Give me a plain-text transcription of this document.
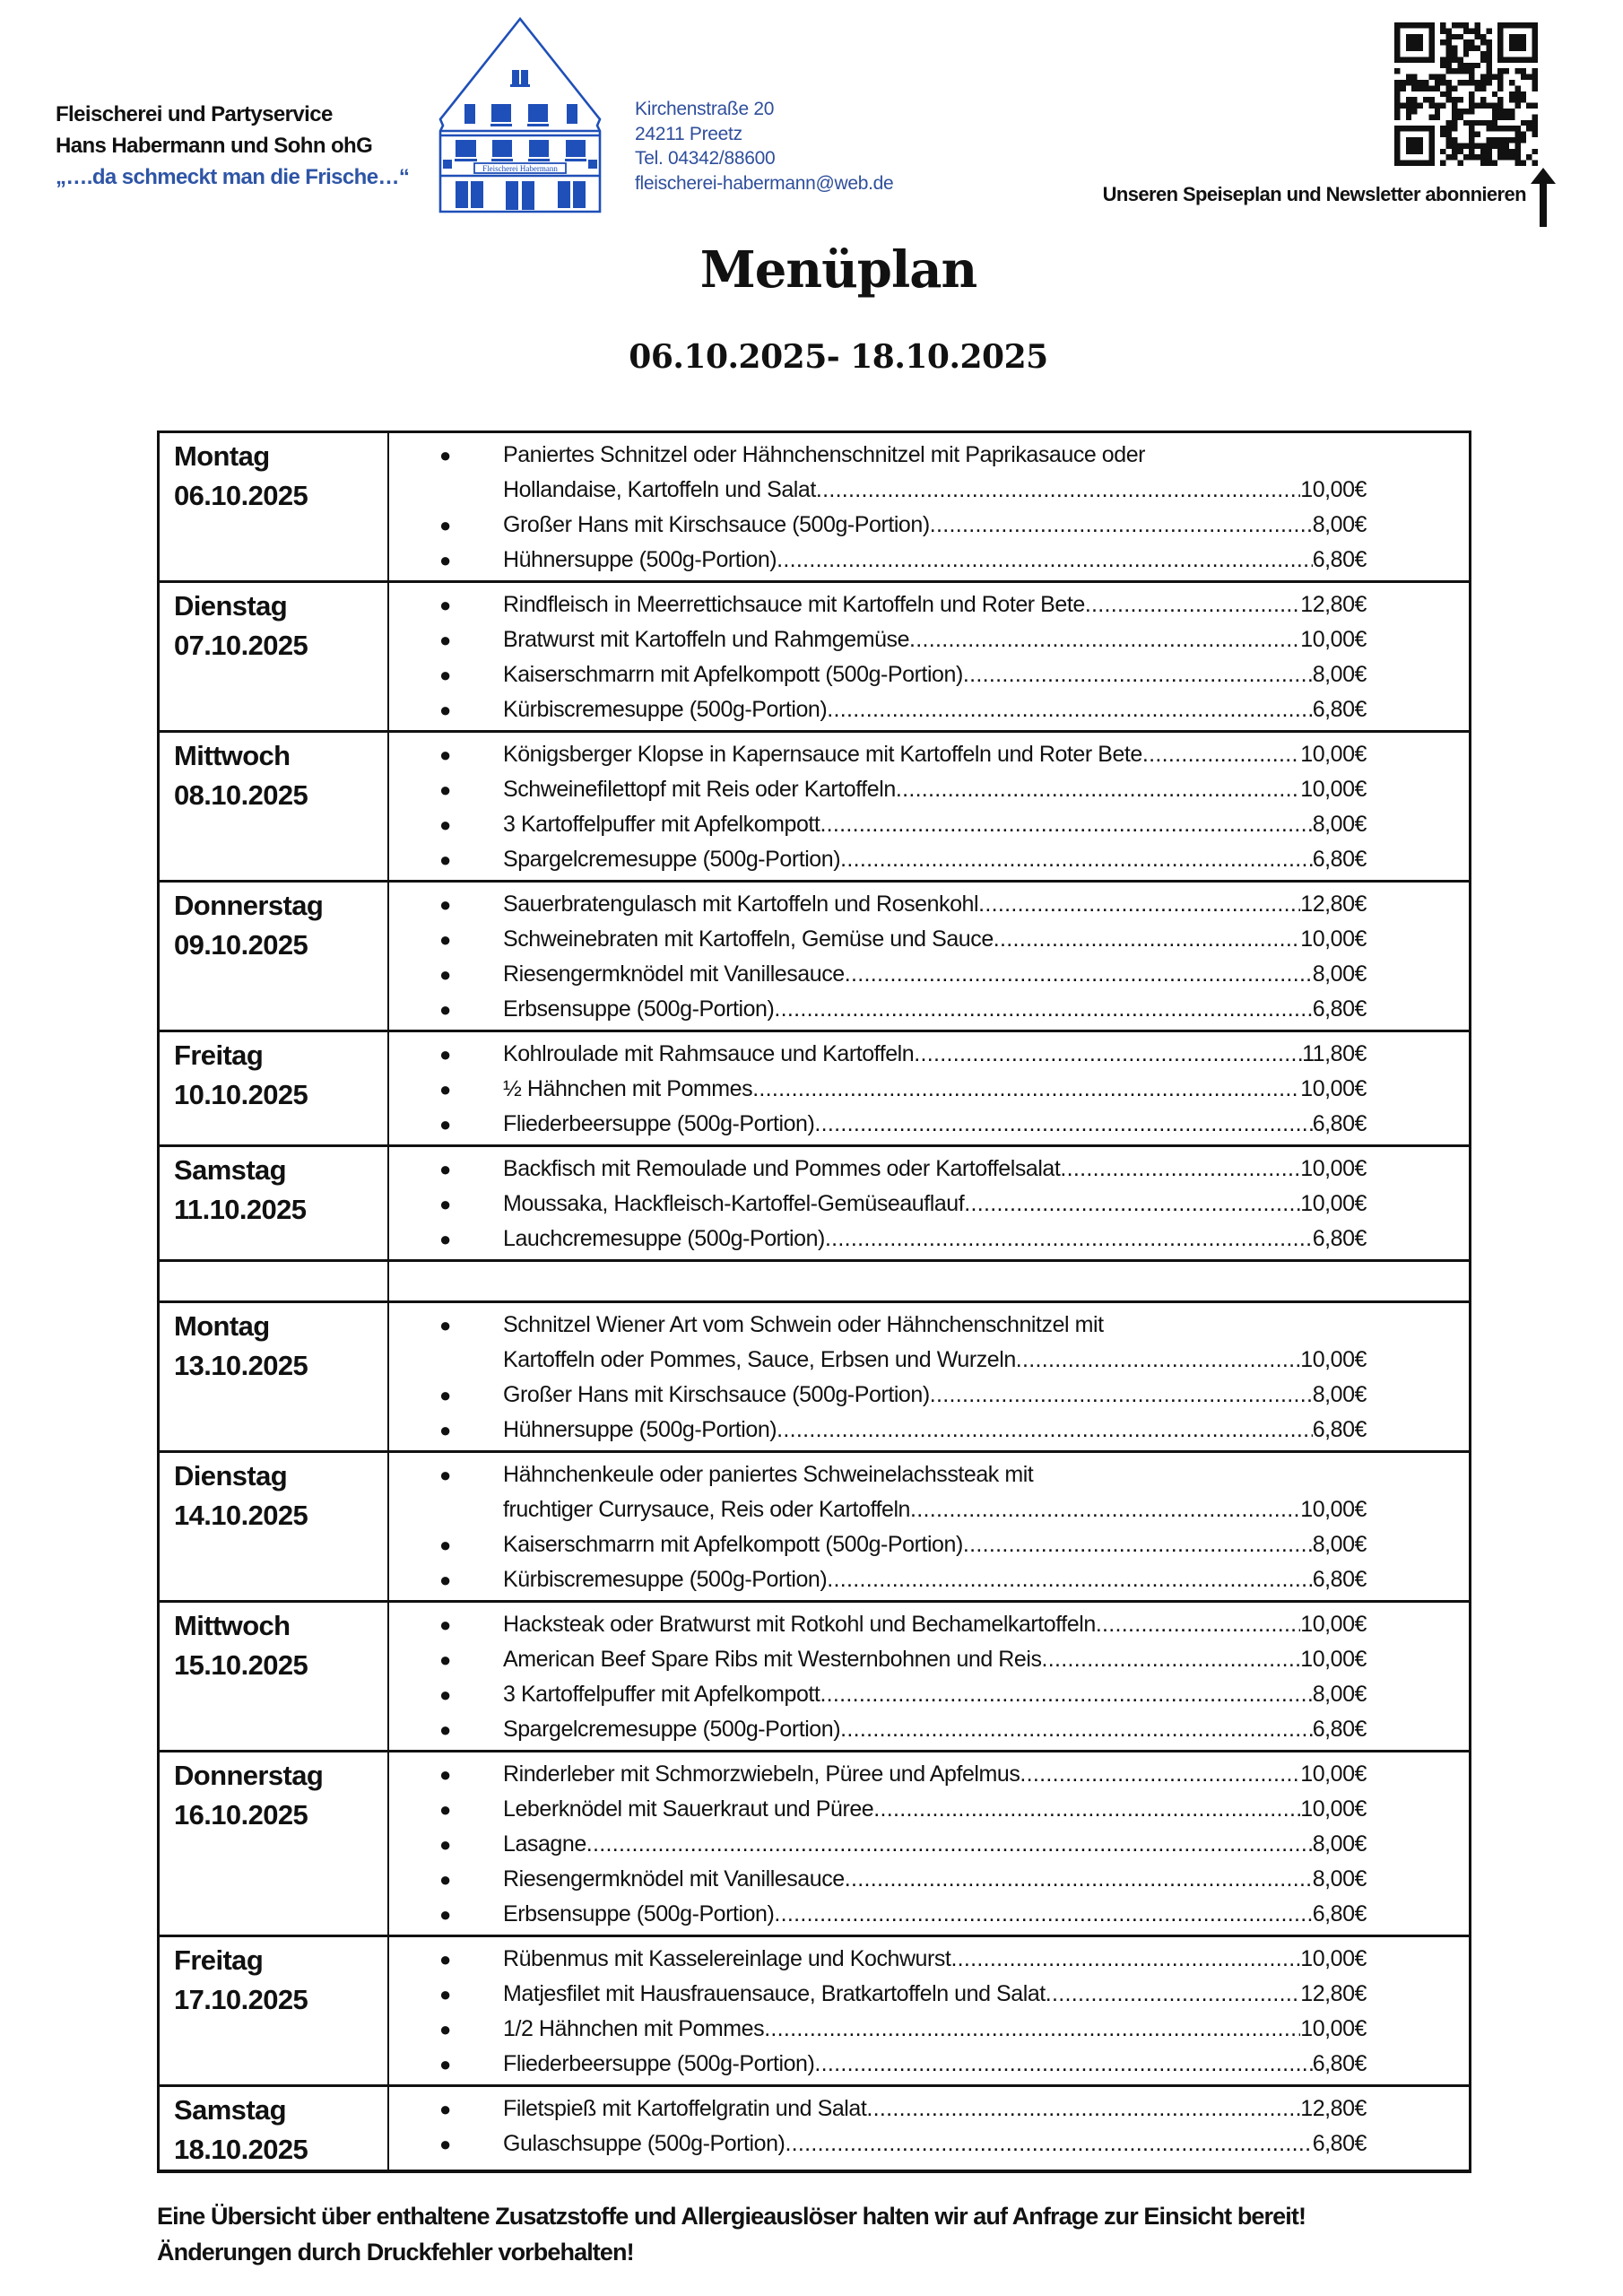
Fleischerei und Partyservice
Hans Habermann und Sohn ohG
„….da schmeckt man die Frische…“	Fleischerei Habermann
Kirchenstraße 20
24211 Preetz
Tel. 04342/88600
fleischerei-habermann@web.de	Unseren Speiseplan und Newsletter abonnieren
Menüplan
06.10.2025- 18.10.2025
Montag
06.10.2025
●	Paniertes Schnitzel oder Hähnchenschnitzel mit Paprikasauce oder
Hollandaise, Kartoffeln und Salat .....	10,00€
●	Großer Hans mit Kirschsauce (500g-Portion) .....	8,00€
●	Hühnersuppe (500g-Portion) .....	6,80€
Dienstag
07.10.2025
●	Rindfleisch in Meerrettichsauce mit Kartoffeln und Roter Bete .....	12,80€
●	Bratwurst mit Kartoffeln und Rahmgemüse .....	10,00€
●	Kaiserschmarrn mit Apfelkompott (500g-Portion) .....	8,00€
●	Kürbiscremesuppe (500g-Portion) .....	6,80€
Mittwoch
08.10.2025
●	Königsberger Klopse in Kapernsauce mit Kartoffeln und Roter Bete .....	10,00€
●	Schweinefilettopf mit Reis oder Kartoffeln .....	10,00€
●	3 Kartoffelpuffer mit Apfelkompott .....	8,00€
●	Spargelcremesuppe (500g-Portion) .....	6,80€
Donnerstag
09.10.2025
●	Sauerbratengulasch mit Kartoffeln und Rosenkohl .....	12,80€
●	Schweinebraten mit Kartoffeln, Gemüse und Sauce .....	10,00€
●	Riesengermknödel mit Vanillesauce .....	8,00€
●	Erbsensuppe (500g-Portion) .....	6,80€
Freitag
10.10.2025
●	Kohlroulade mit Rahmsauce und Kartoffeln .....	11,80€
●	½ Hähnchen mit Pommes .....	10,00€
●	Fliederbeersuppe (500g-Portion) .....	6,80€
Samstag
11.10.2025
●	Backfisch mit Remoulade und Pommes oder Kartoffelsalat .....	10,00€
●	Moussaka, Hackfleisch-Kartoffel-Gemüseauflauf .....	10,00€
●	Lauchcremesuppe (500g-Portion) .....	6,80€
Montag
13.10.2025
●	Schnitzel Wiener Art vom Schwein oder Hähnchenschnitzel mit
Kartoffeln oder Pommes, Sauce, Erbsen und Wurzeln .....	10,00€
●	Großer Hans mit Kirschsauce (500g-Portion) .....	8,00€
●	Hühnersuppe (500g-Portion) .....	6,80€
Dienstag
14.10.2025
●	Hähnchenkeule oder paniertes Schweinelachssteak mit
fruchtiger Currysauce, Reis oder Kartoffeln .....	10,00€
●	Kaiserschmarrn mit Apfelkompott (500g-Portion) .....	8,00€
●	Kürbiscremesuppe (500g-Portion) .....	6,80€
Mittwoch
15.10.2025
●	Hacksteak oder Bratwurst mit Rotkohl und Bechamelkartoffeln .....	10,00€
●	American Beef Spare Ribs mit Westernbohnen und Reis .....	10,00€
●	3 Kartoffelpuffer mit Apfelkompott .....	8,00€
●	Spargelcremesuppe (500g-Portion) .....	6,80€
Donnerstag
16.10.2025
●	Rinderleber mit Schmorzwiebeln, Püree und Apfelmus .....	10,00€
●	Leberknödel mit Sauerkraut und Püree .....	10,00€
●	Lasagne .....	8,00€
●	Riesengermknödel mit Vanillesauce .....	8,00€
●	Erbsensuppe (500g-Portion) .....	6,80€
Freitag
17.10.2025
●	Rübenmus mit Kasselereinlage und Kochwurst .....	10,00€
●	Matjesfilet mit Hausfrauensauce, Bratkartoffeln und Salat .....	12,80€
●	1/2 Hähnchen mit Pommes .....	10,00€
●	Fliederbeersuppe (500g-Portion) .....	6,80€
Samstag
18.10.2025
●	Filetspieß mit Kartoffelgratin und Salat .....	12,80€
●	Gulaschsuppe (500g-Portion) .....	6,80€
Eine Übersicht über enthaltene Zusatzstoffe und Allergieauslöser halten wir auf Anfrage zur Einsicht bereit!
Änderungen durch Druckfehler vorbehalten!
